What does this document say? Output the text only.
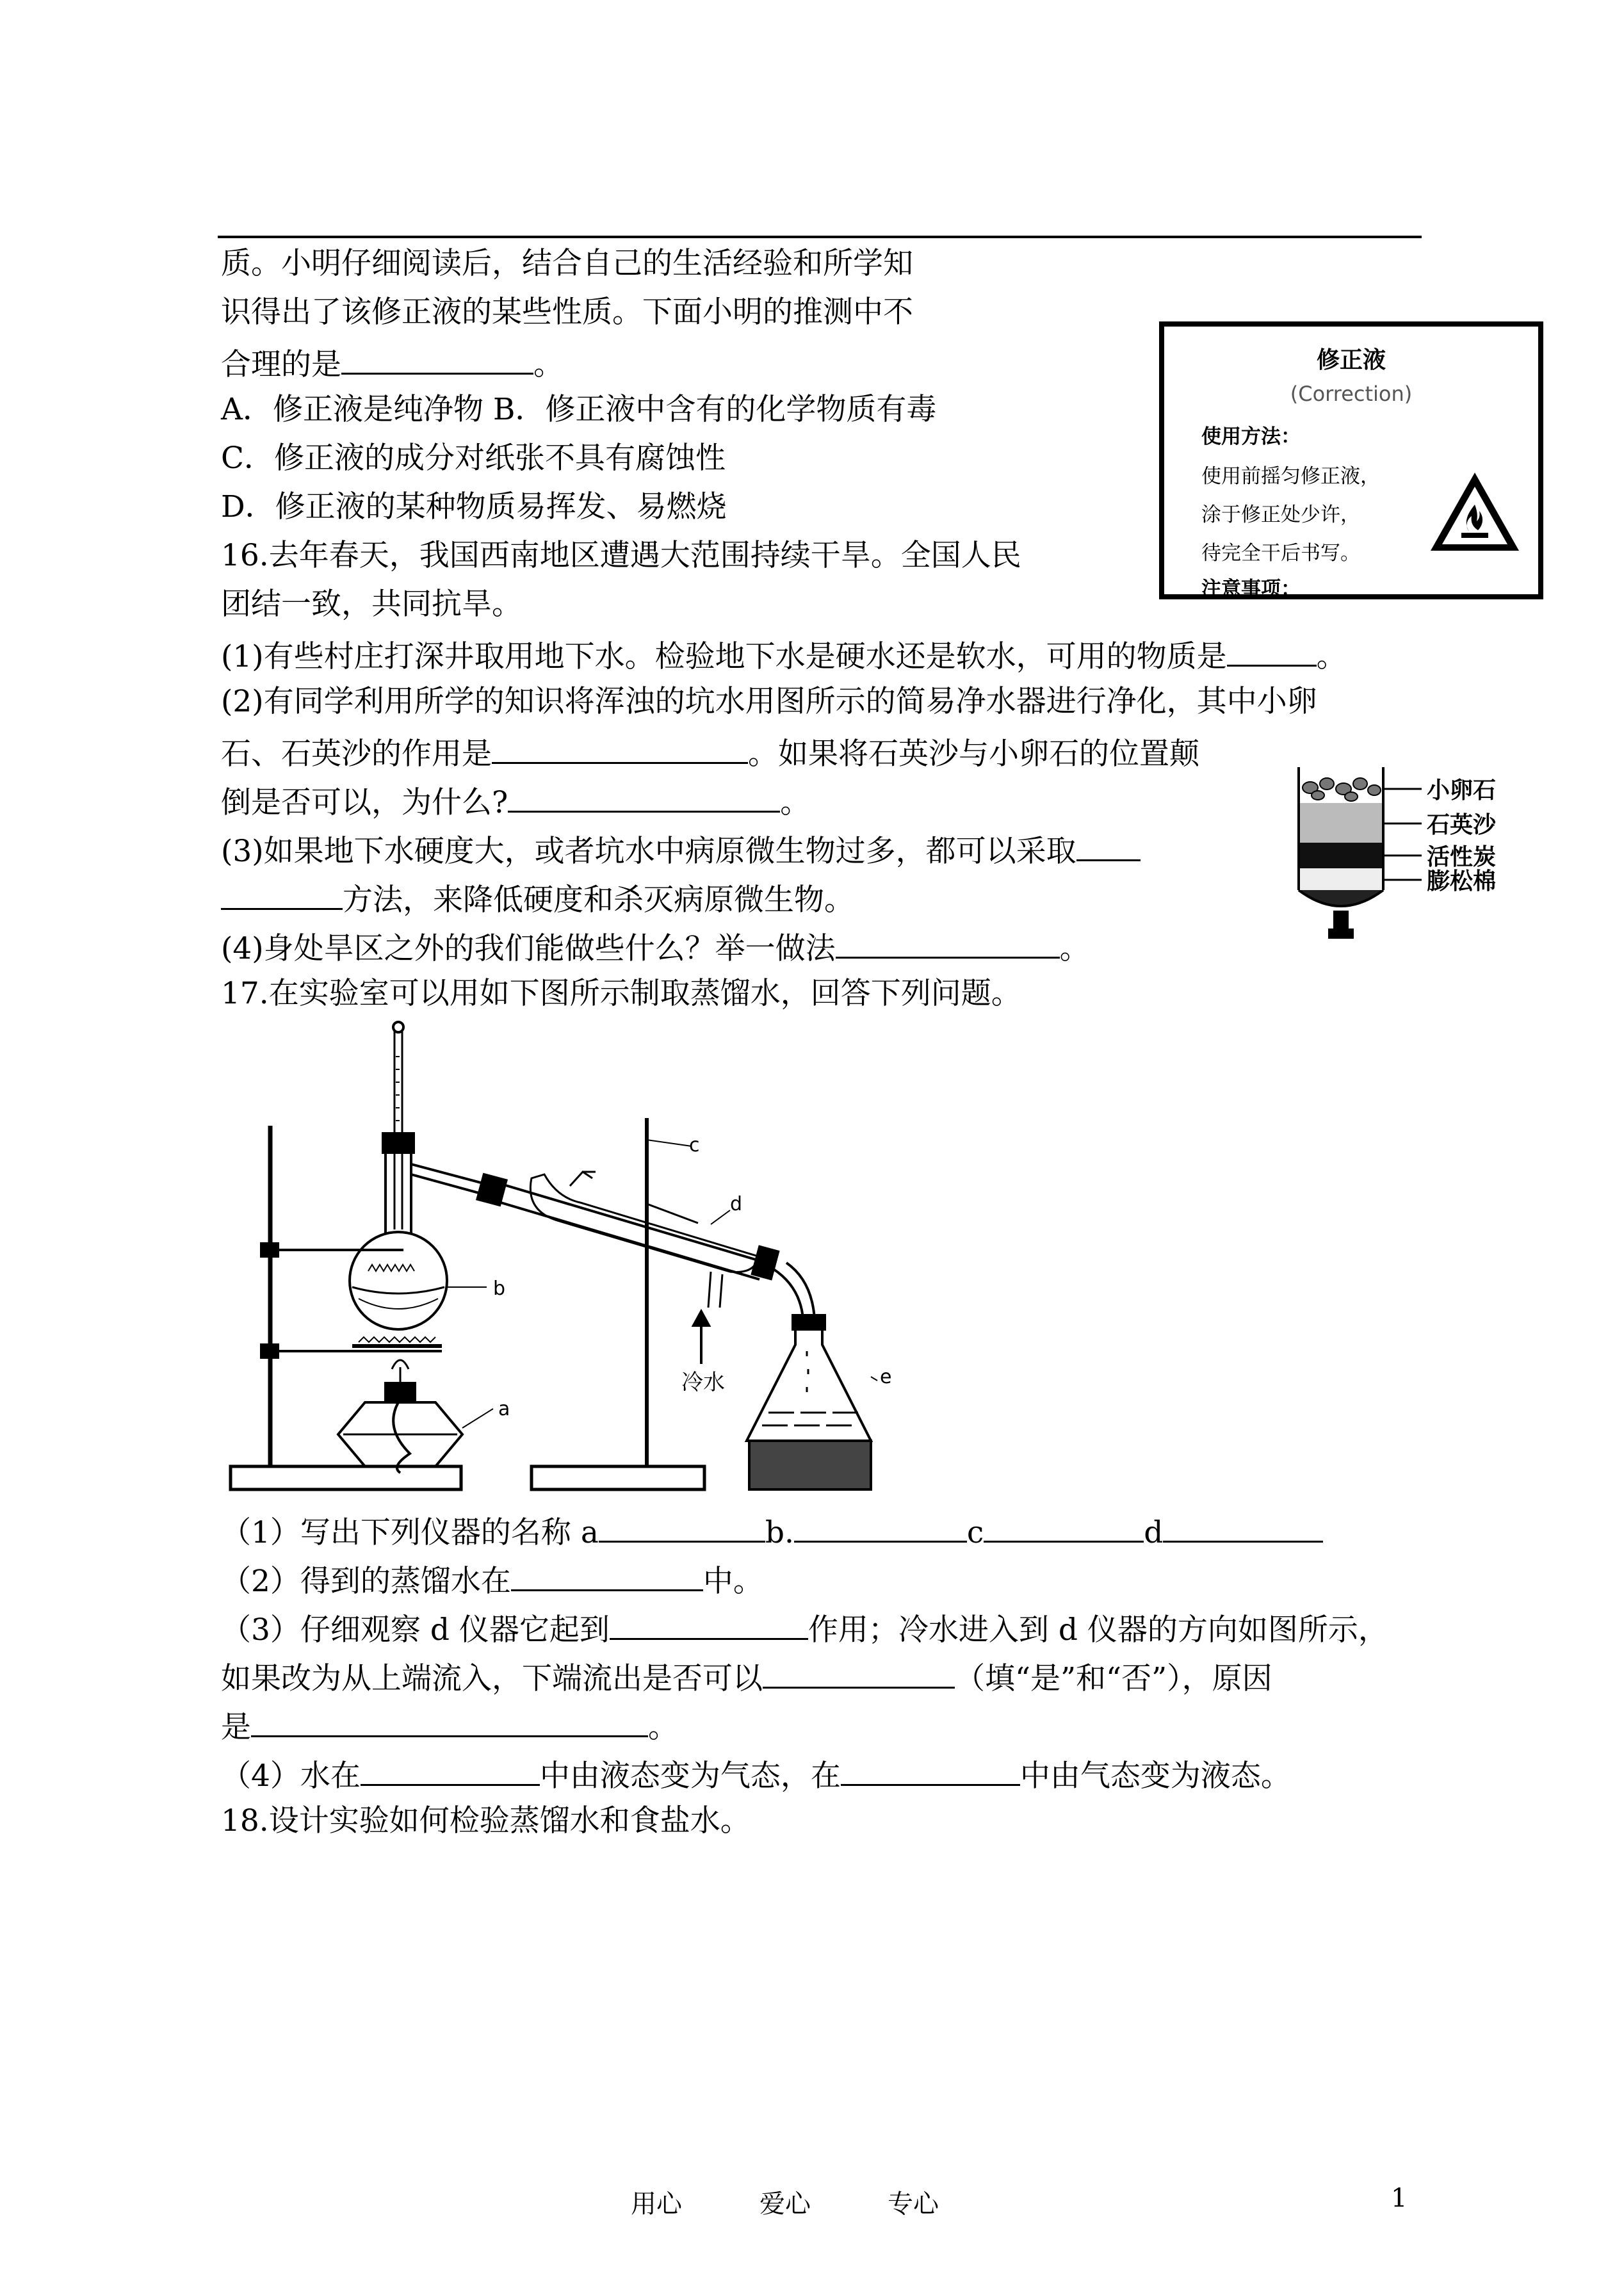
质。小明仔细阅读后，结合自己的生活经验和所学知
识得出了该修正液的某些性质。下面小明的推测中不
合理的是	。
A．修正液是纯净物 B．修正液中含有的化学物质有毒
C．修正液的成分对纸张不具有腐蚀性
D．修正液的某种物质易挥发、易燃烧
16.去年春天，我国西南地区遭遇大范围持续干旱。全国人民
团结一致，共同抗旱。
(1)有些村庄打深井取用地下水。检验地下水是硬水还是软水，可用的物质是	。
(2)有同学利用所学的知识将浑浊的坑水用图所示的简易净水器进行净化，其中小卵
石、石英沙的作用是	。如果将石英沙与小卵石的位置颠
倒是否可以，为什么?	。
(3)如果地下水硬度大，或者坑水中病原微生物过多，都可以采取
方法，来降低硬度和杀灭病原微生物。
(4)身处旱区之外的我们能做些什么？举一做法	。
17.在实验室可以用如下图所示制取蒸馏水，回答下列问题。
（1）写出下列仪器的名称 a	b.	c	d
（2）得到的蒸馏水在	中。
（3）仔细观察 d 仪器它起到	作用；冷水进入到 d 仪器的方向如图所示，
如果改为从上端流入，下端流出是否可以	（填“是”和“否”），原因
是	。
（4）水在	中由液态变为气态，在	中由气态变为液态。
18.设计实验如何检验蒸馏水和食盐水。
修正液
(Correction)
使用方法：
使用前摇匀修正液，
涂于修正处少许，
待完全干后书写。
注意事项：
小卵石
石英沙
活性炭
膨松棉
a
b
c
d
e
冷水
用心	爱心	专心	1
